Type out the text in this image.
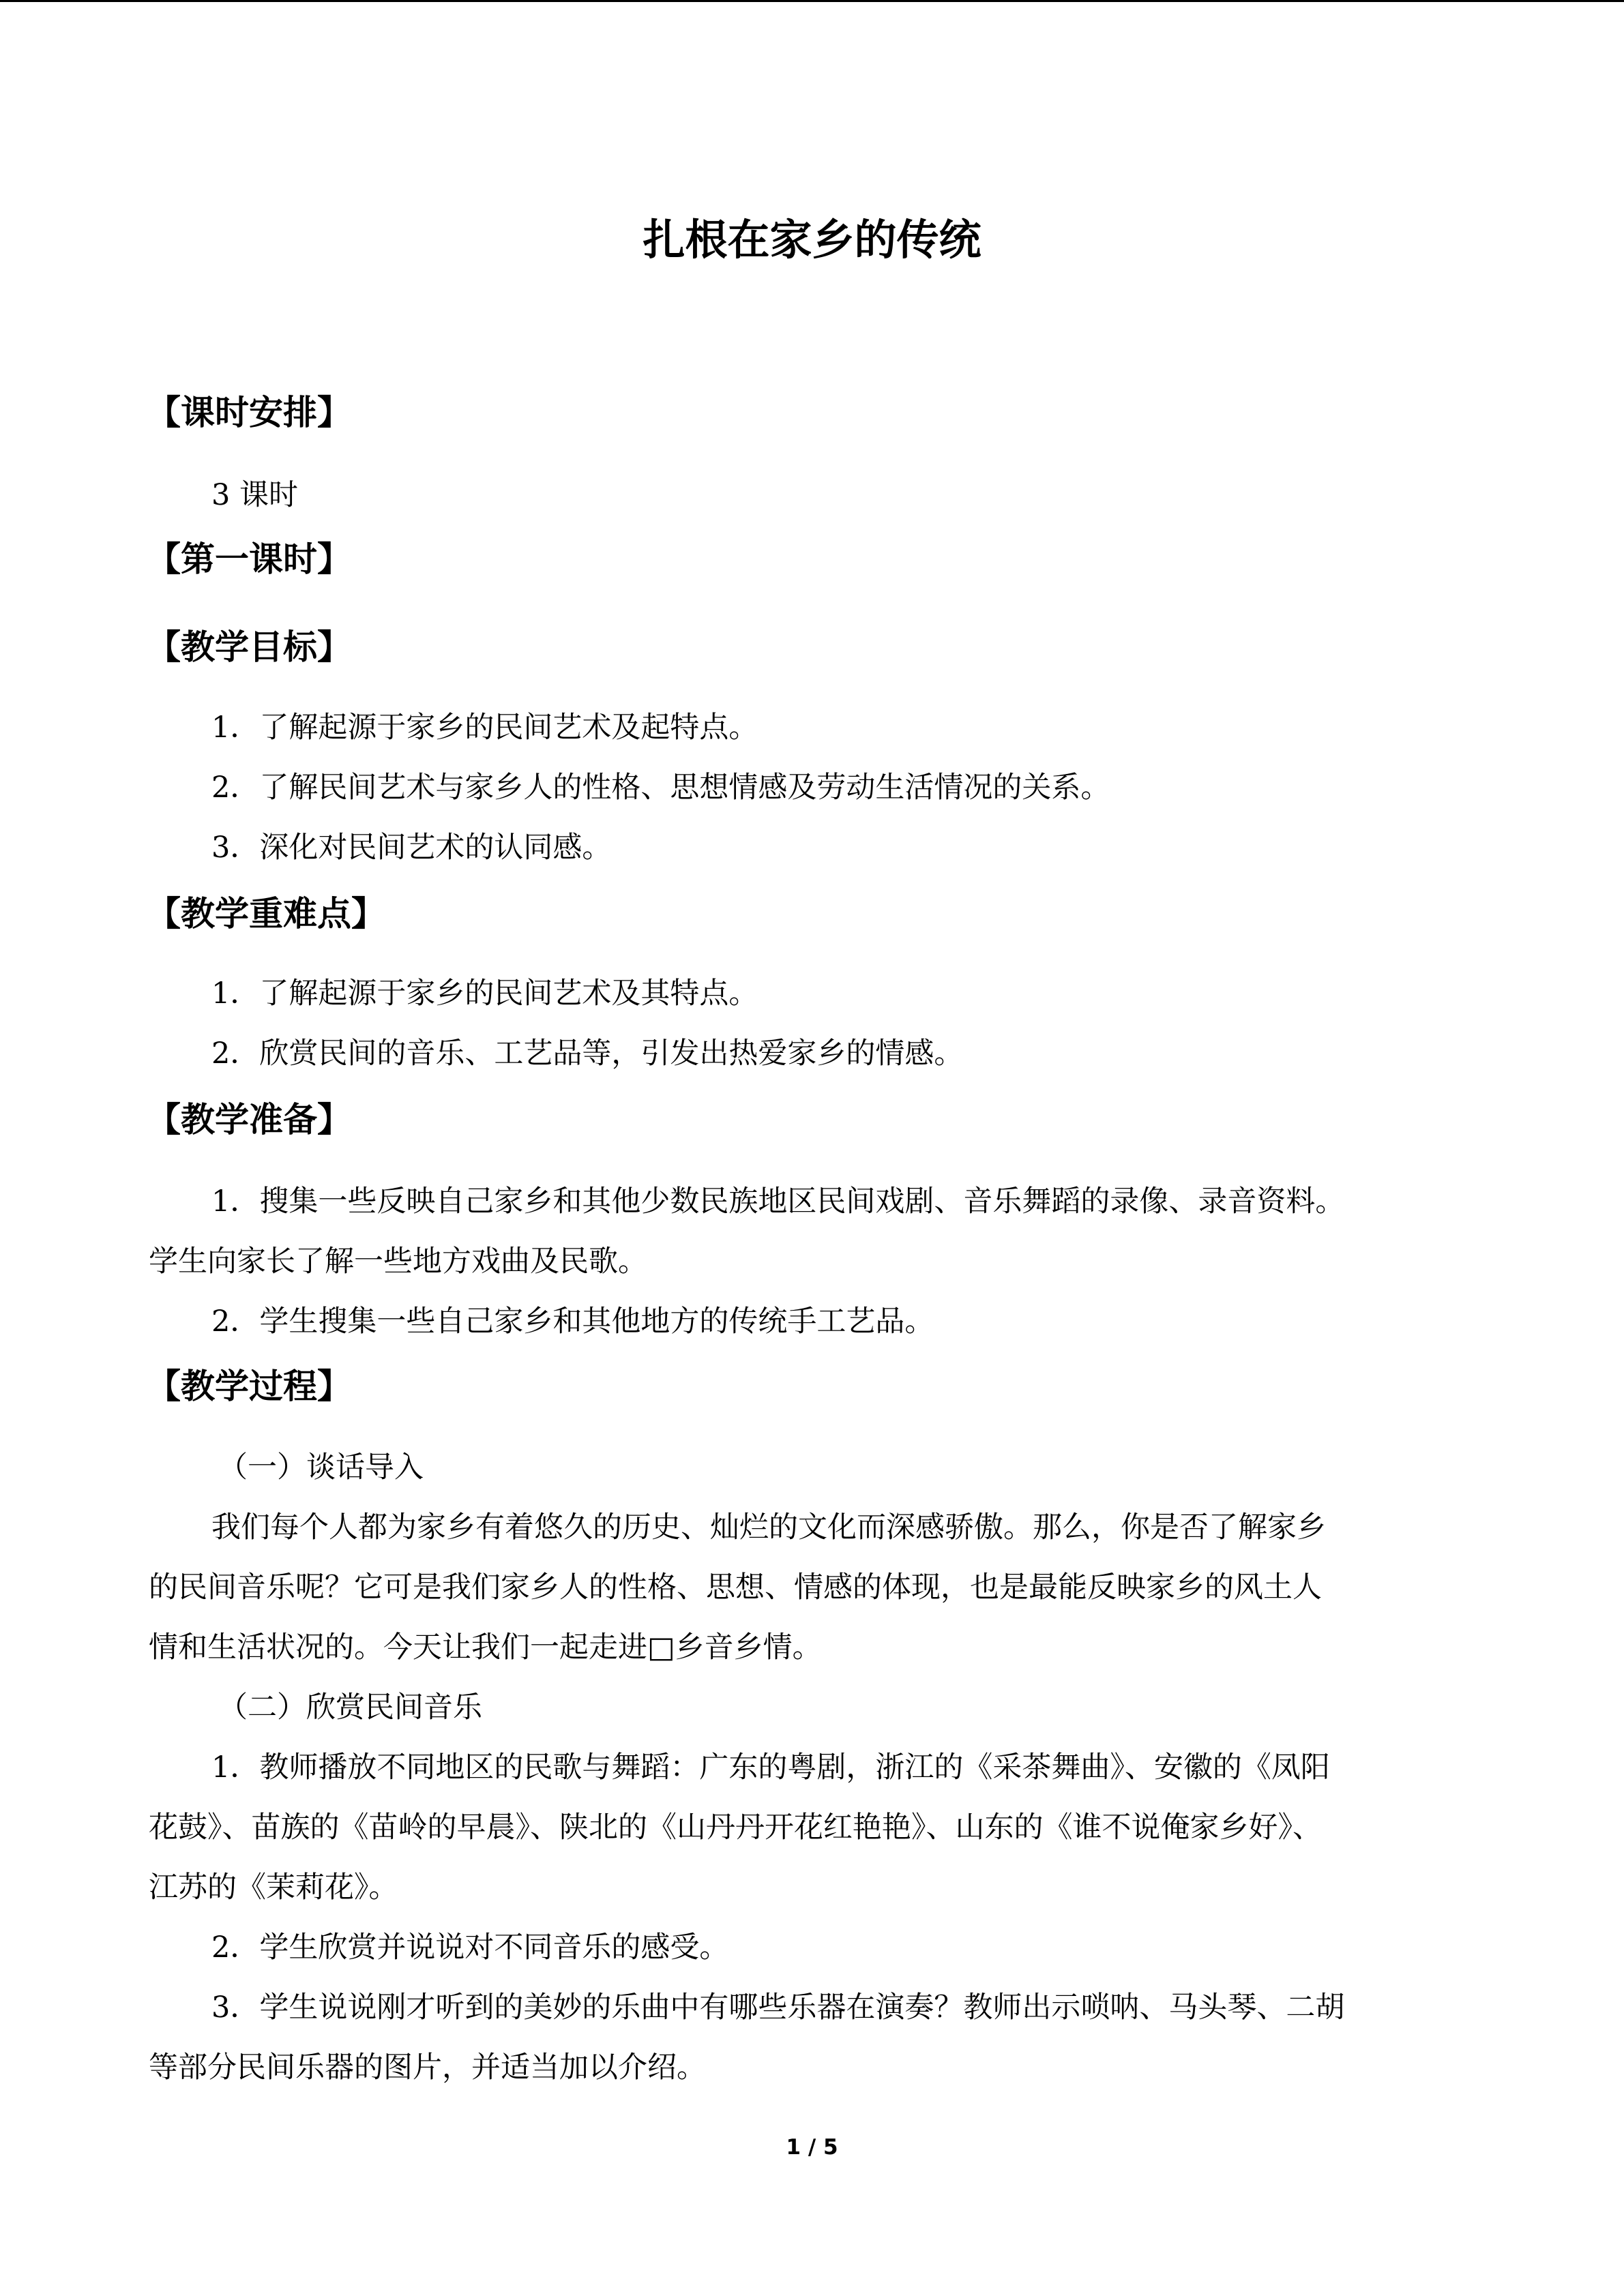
扎根在家乡的传统
【课时安排】
3 课时
【第一课时】
【教学目标】
1．了解起源于家乡的民间艺术及起特点。
2．了解民间艺术与家乡人的性格、思想情感及劳动生活情况的关系。
3．深化对民间艺术的认同感。
【教学重难点】
1．了解起源于家乡的民间艺术及其特点。
2．欣赏民间的音乐、工艺品等，引发出热爱家乡的情感。
【教学准备】
1．搜集一些反映自己家乡和其他少数民族地区民间戏剧、音乐舞蹈的录像、录音资料。
学生向家长了解一些地方戏曲及民歌。
2．学生搜集一些自己家乡和其他地方的传统手工艺品。
【教学过程】
（一）谈话导入
我们每个人都为家乡有着悠久的历史、灿烂的文化而深感骄傲。那么，你是否了解家乡
的民间音乐呢？它可是我们家乡人的性格、思想、情感的体现，也是最能反映家乡的风土人
情和生活状况的。今天让我们一起走进□乡音乡情。
（二）欣赏民间音乐
1．教师播放不同地区的民歌与舞蹈：广东的粤剧，浙江的《采茶舞曲》、安徽的《凤阳
花鼓》、苗族的《苗岭的早晨》、陕北的《山丹丹开花红艳艳》、山东的《谁不说俺家乡好》、
江苏的《茉莉花》。
2．学生欣赏并说说对不同音乐的感受。
3．学生说说刚才听到的美妙的乐曲中有哪些乐器在演奏？教师出示唢呐、马头琴、二胡
等部分民间乐器的图片，并适当加以介绍。
1 / 5
